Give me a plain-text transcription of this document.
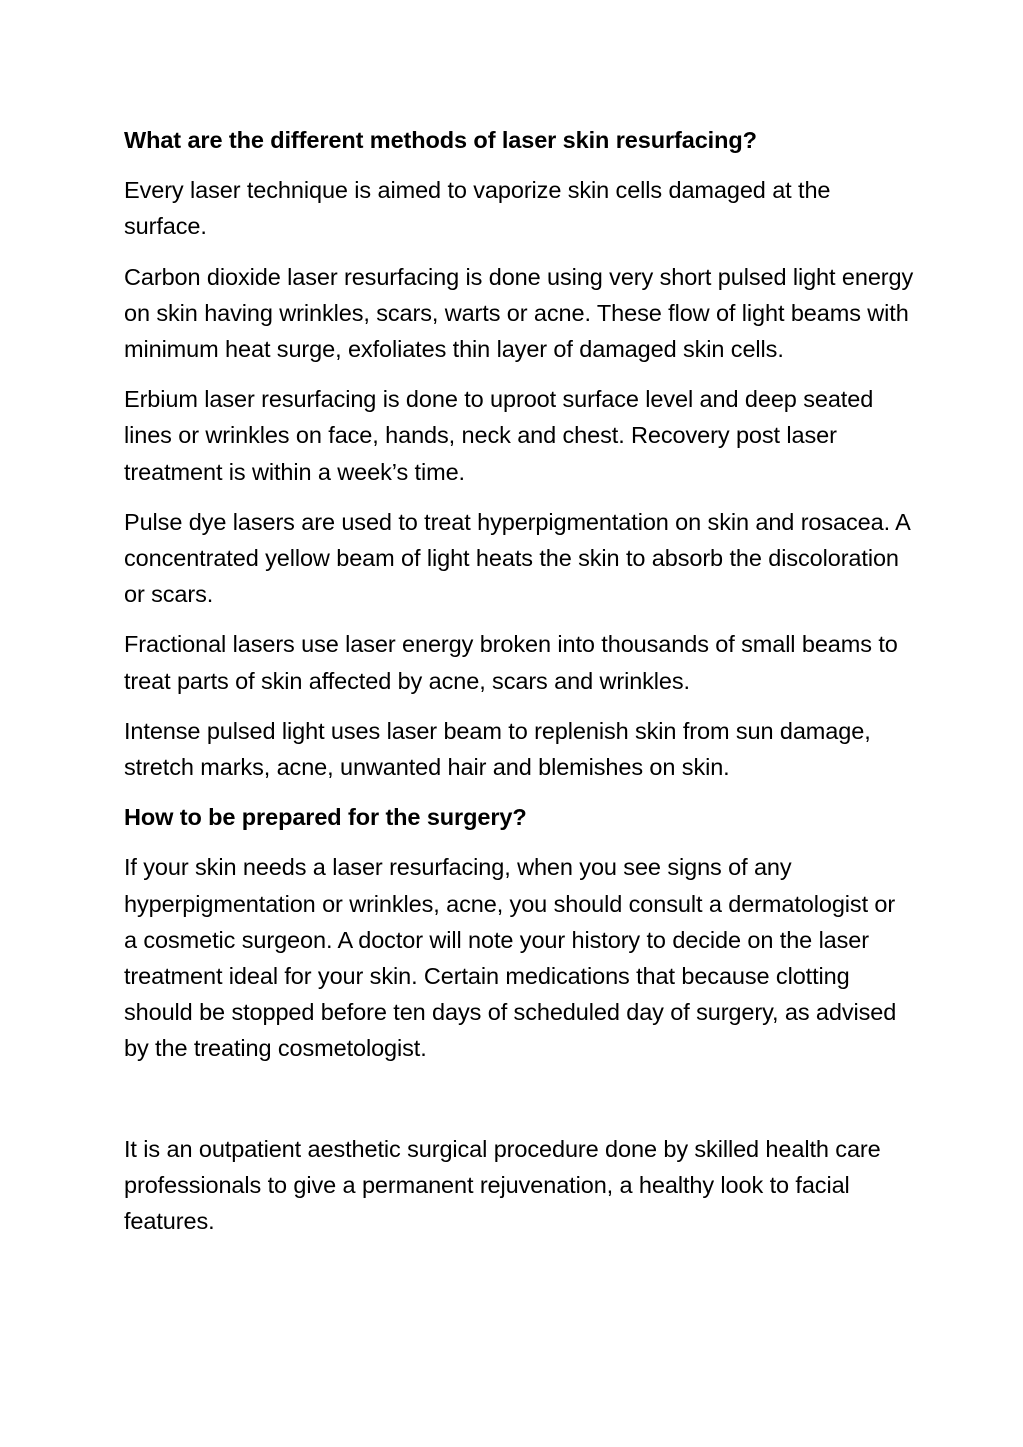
What are the different methods of laser skin resurfacing?

Every laser technique is aimed to vaporize skin cells damaged at the surface.

Carbon dioxide laser resurfacing is done using very short pulsed light energy on skin having wrinkles, scars, warts or acne. These flow of light beams with minimum heat surge, exfoliates thin layer of damaged skin cells.

Erbium laser resurfacing is done to uproot surface level and deep seated lines or wrinkles on face, hands, neck and chest. Recovery post laser treatment is within a week’s time.

Pulse dye lasers are used to treat hyperpigmentation on skin and rosacea. A concentrated yellow beam of light heats the skin to absorb the discoloration or scars.

Fractional lasers use laser energy broken into thousands of small beams to treat parts of skin affected by acne, scars and wrinkles.

Intense pulsed light uses laser beam to replenish skin from sun damage, stretch marks, acne, unwanted hair and blemishes on skin.

How to be prepared for the surgery?

If your skin needs a laser resurfacing, when you see signs of any hyperpigmentation or wrinkles, acne, you should consult a dermatologist or a cosmetic surgeon. A doctor will note your history to decide on the laser treatment ideal for your skin. Certain medications that because clotting should be stopped before ten days of scheduled day of surgery, as advised by the treating cosmetologist.

It is an outpatient aesthetic surgical procedure done by skilled health care professionals to give a permanent rejuvenation, a healthy look to facial features.
